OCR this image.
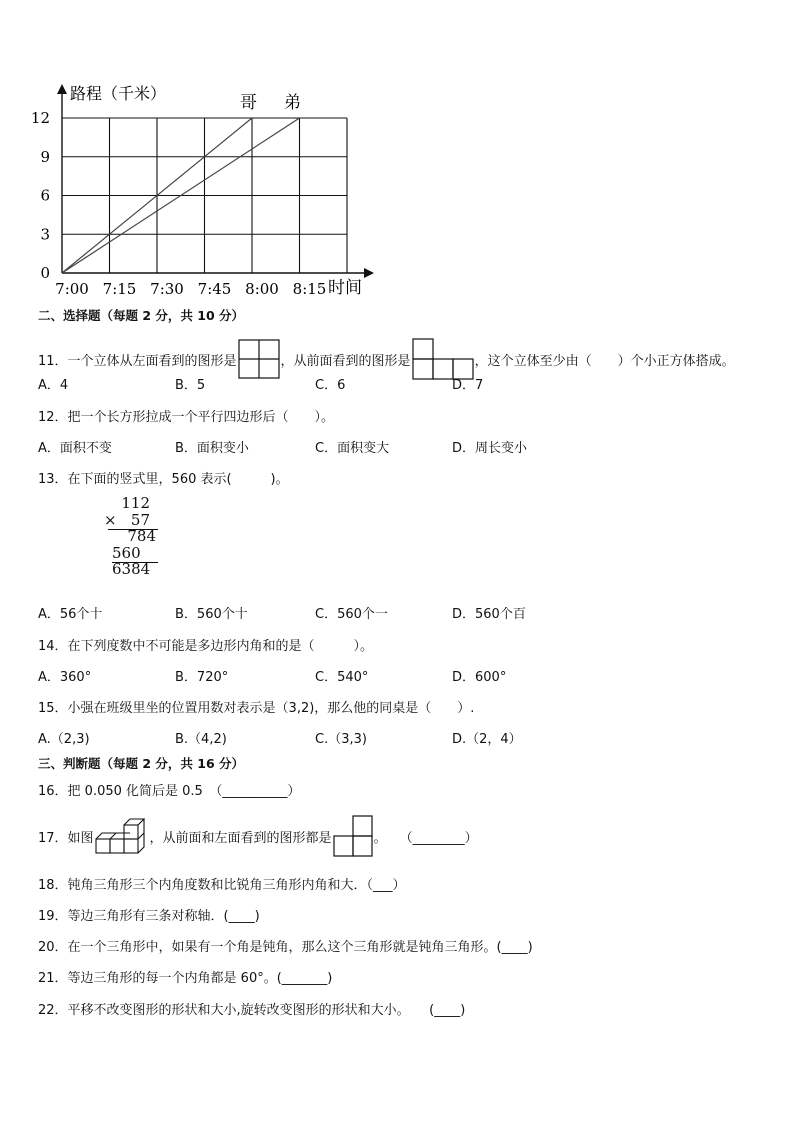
7:00 7:15 7:30 7:45 8:00 8:15
0
3
6
9
12
路程（千米）
时间
哥 弟
二、选择题（每题 2 分，共 10 分）
11．一个立体从左面看到的图形是	，从前面看到的图形是	，这个立体至少由（　　）个小正方体搭成。
A．4	B．5	C．6	D．7
12．把一个长方形拉成一个平行四边形后（　　）。
A．面积不变	B．面积变小	C．面积变大	D．周长变小
13．在下面的竖式里，560 表示(　　　)。
112
× 57
784
560
6384
A．56个十	B．560个十	C．560个一	D．560个百
14．在下列度数中不可能是多边形内角和的是（　　　）。
A．360°	B．720°	C．540°	D．600°
15．小强在班级里坐的位置用数对表示是（3,2)，那么他的同桌是（　　）.
A.（2,3)	B.（4,2)	C.（3,3)	D.（2，4）
三、判断题（每题 2 分，共 16 分）
16．把 0.050 化简后是 0.5　（__________）
17．如图	，从前面和左面看到的图形都是	。　　（________）
18．钝角三角形三个内角度数和比锐角三角形内角和大．（___）
19．等边三角形有三条对称轴．(____)
20．在一个三角形中，如果有一个角是钝角，那么这个三角形就是钝角三角形。(____)
21．等边三角形的每一个内角都是 60°。(_______)
22．平移不改变图形的形状和大小,旋转改变图形的形状和大小。　　(____)
